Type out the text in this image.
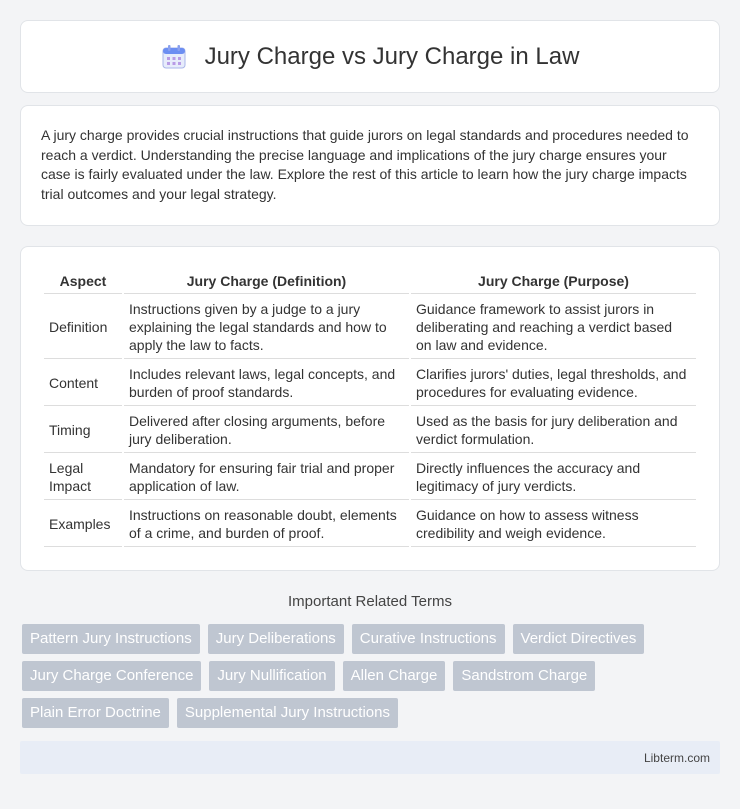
Jury Charge vs Jury Charge in Law

A jury charge provides crucial instructions that guide jurors on legal standards and procedures needed to reach a verdict. Understanding the precise language and implications of the jury charge ensures your case is fairly evaluated under the law. Explore the rest of this article to learn how the jury charge impacts trial outcomes and your legal strategy.

Aspect	Jury Charge (Definition)	Jury Charge (Purpose)
Definition	Instructions given by a judge to a jury explaining the legal standards and how to apply the law to facts.	Guidance framework to assist jurors in deliberating and reaching a verdict based on law and evidence.
Content	Includes relevant laws, legal concepts, and burden of proof standards.	Clarifies jurors' duties, legal thresholds, and procedures for evaluating evidence.
Timing	Delivered after closing arguments, before jury deliberation.	Used as the basis for jury deliberation and verdict formulation.
Legal Impact	Mandatory for ensuring fair trial and proper application of law.	Directly influences the accuracy and legitimacy of jury verdicts.
Examples	Instructions on reasonable doubt, elements of a crime, and burden of proof.	Guidance on how to assess witness credibility and weigh evidence.
Important Related Terms
Pattern Jury Instructions	Jury Deliberations	Curative Instructions	Verdict Directives
Jury Charge Conference	Jury Nullification	Allen Charge	Sandstrom Charge
Plain Error Doctrine	Supplemental Jury Instructions
Libterm.com
